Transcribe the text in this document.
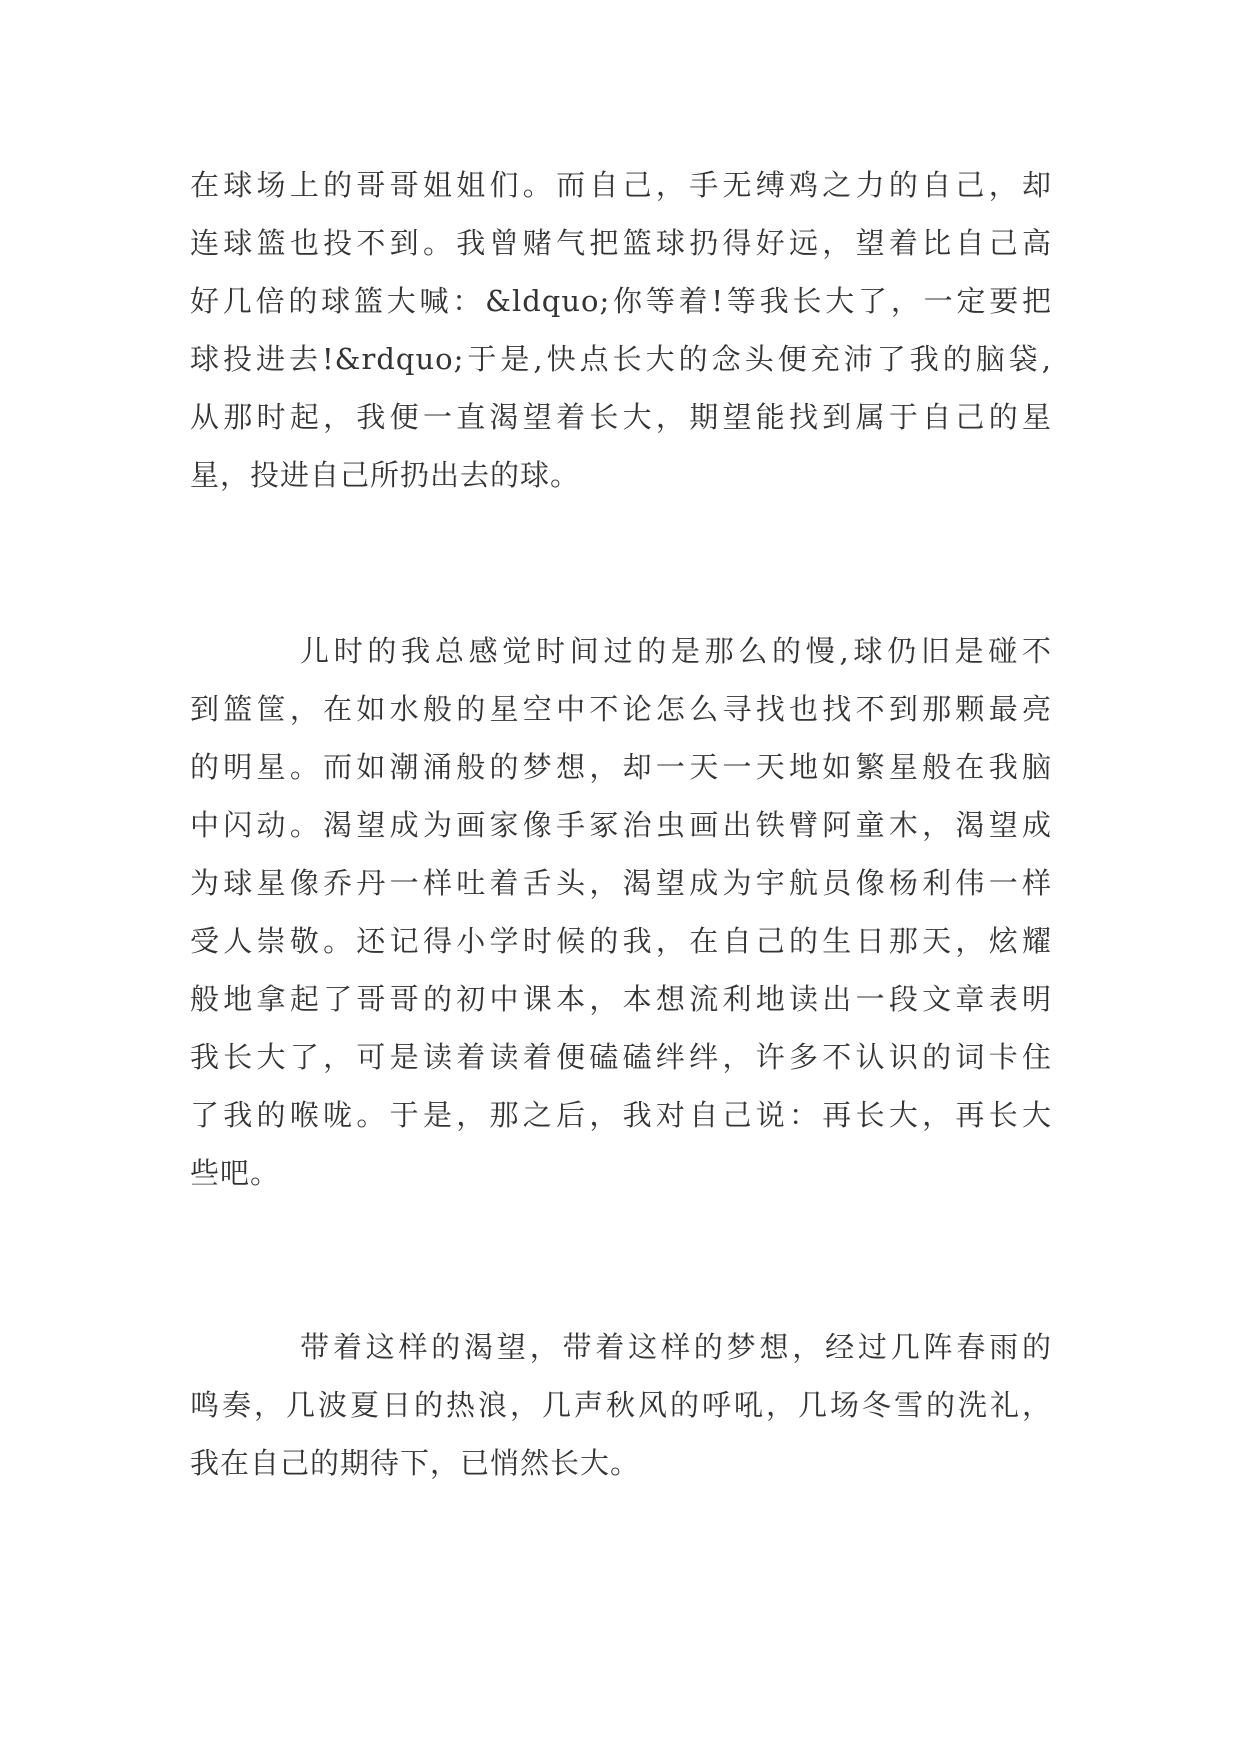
在球场上的哥哥姐姐们。而自己，手无缚鸡之力的自己，却
连球篮也投不到。我曾赌气把篮球扔得好远，望着比自己高
好几倍的球篮大喊：&ldquo;你等着!等我长大了，一定要把
球投进去!&rdquo;于是,快点长大的念头便充沛了我的脑袋,
从那时起，我便一直渴望着长大，期望能找到属于自己的星
星，投进自己所扔出去的球。

儿时的我总感觉时间过的是那么的慢,球仍旧是碰不
到篮筐，在如水般的星空中不论怎么寻找也找不到那颗最亮
的明星。而如潮涌般的梦想，却一天一天地如繁星般在我脑
中闪动。渴望成为画家像手冢治虫画出铁臂阿童木，渴望成
为球星像乔丹一样吐着舌头，渴望成为宇航员像杨利伟一样
受人崇敬。还记得小学时候的我，在自己的生日那天，炫耀
般地拿起了哥哥的初中课本，本想流利地读出一段文章表明
我长大了，可是读着读着便磕磕绊绊，许多不认识的词卡住
了我的喉咙。于是，那之后，我对自己说：再长大，再长大
些吧。

带着这样的渴望，带着这样的梦想，经过几阵春雨的
鸣奏，几波夏日的热浪，几声秋风的呼吼，几场冬雪的洗礼，
我在自己的期待下，已悄然长大。
